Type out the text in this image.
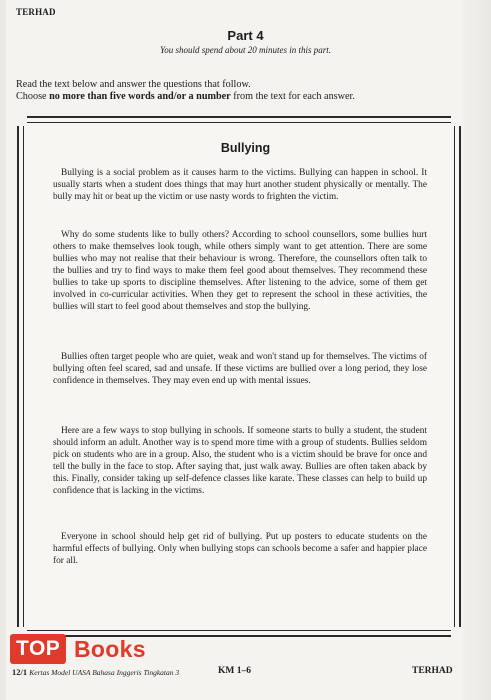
TERHAD
Part 4
You should spend about 20 minutes in this part.
Read the text below and answer the questions that follow.
Choose no more than five words and/or a number from the text for each answer.
Bullying

Bullying is a social problem as it causes harm to the victims. Bullying can happen in school. It usually starts when a student does things that may hurt another student physically or mentally. The bully may hit or beat up the victim or use nasty words to frighten the victim.

Why do some students like to bully others? According to school counsellors, some bullies hurt others to make themselves look tough, while others simply want to get attention. There are some bullies who may not realise that their behaviour is wrong. Therefore, the counsellors often talk to the bullies and try to find ways to make them feel good about themselves. They recommend these bullies to take up sports to discipline themselves. After listening to the advice, some of them get involved in co-curricular activities. When they get to represent the school in these activities, the bullies will start to feel good about themselves and stop the bullying.

Bullies often target people who are quiet, weak and won't stand up for themselves. The victims of bullying often feel scared, sad and unsafe. If these victims are bullied over a long period, they lose confidence in themselves. They may even end up with mental issues.

Here are a few ways to stop bullying in schools. If someone starts to bully a student, the student should inform an adult. Another way is to spend more time with a group of students. Bullies seldom pick on students who are in a group. Also, the student who is a victim should be brave for once and tell the bully in the face to stop. After saying that, just walk away. Bullies are often taken aback by this. Finally, consider taking up self-defence classes like karate. These classes can help to build up confidence that is lacking in the victims.

Everyone in school should help get rid of bullying. Put up posters to educate students on the harmful effects of bullying. Only when bullying stops can schools become a safer and happier place for all.

TOP Books
12/1 Kertas Model UASA Bahasa Inggeris Tingkatan 3	KM 1–6	TERHAD
